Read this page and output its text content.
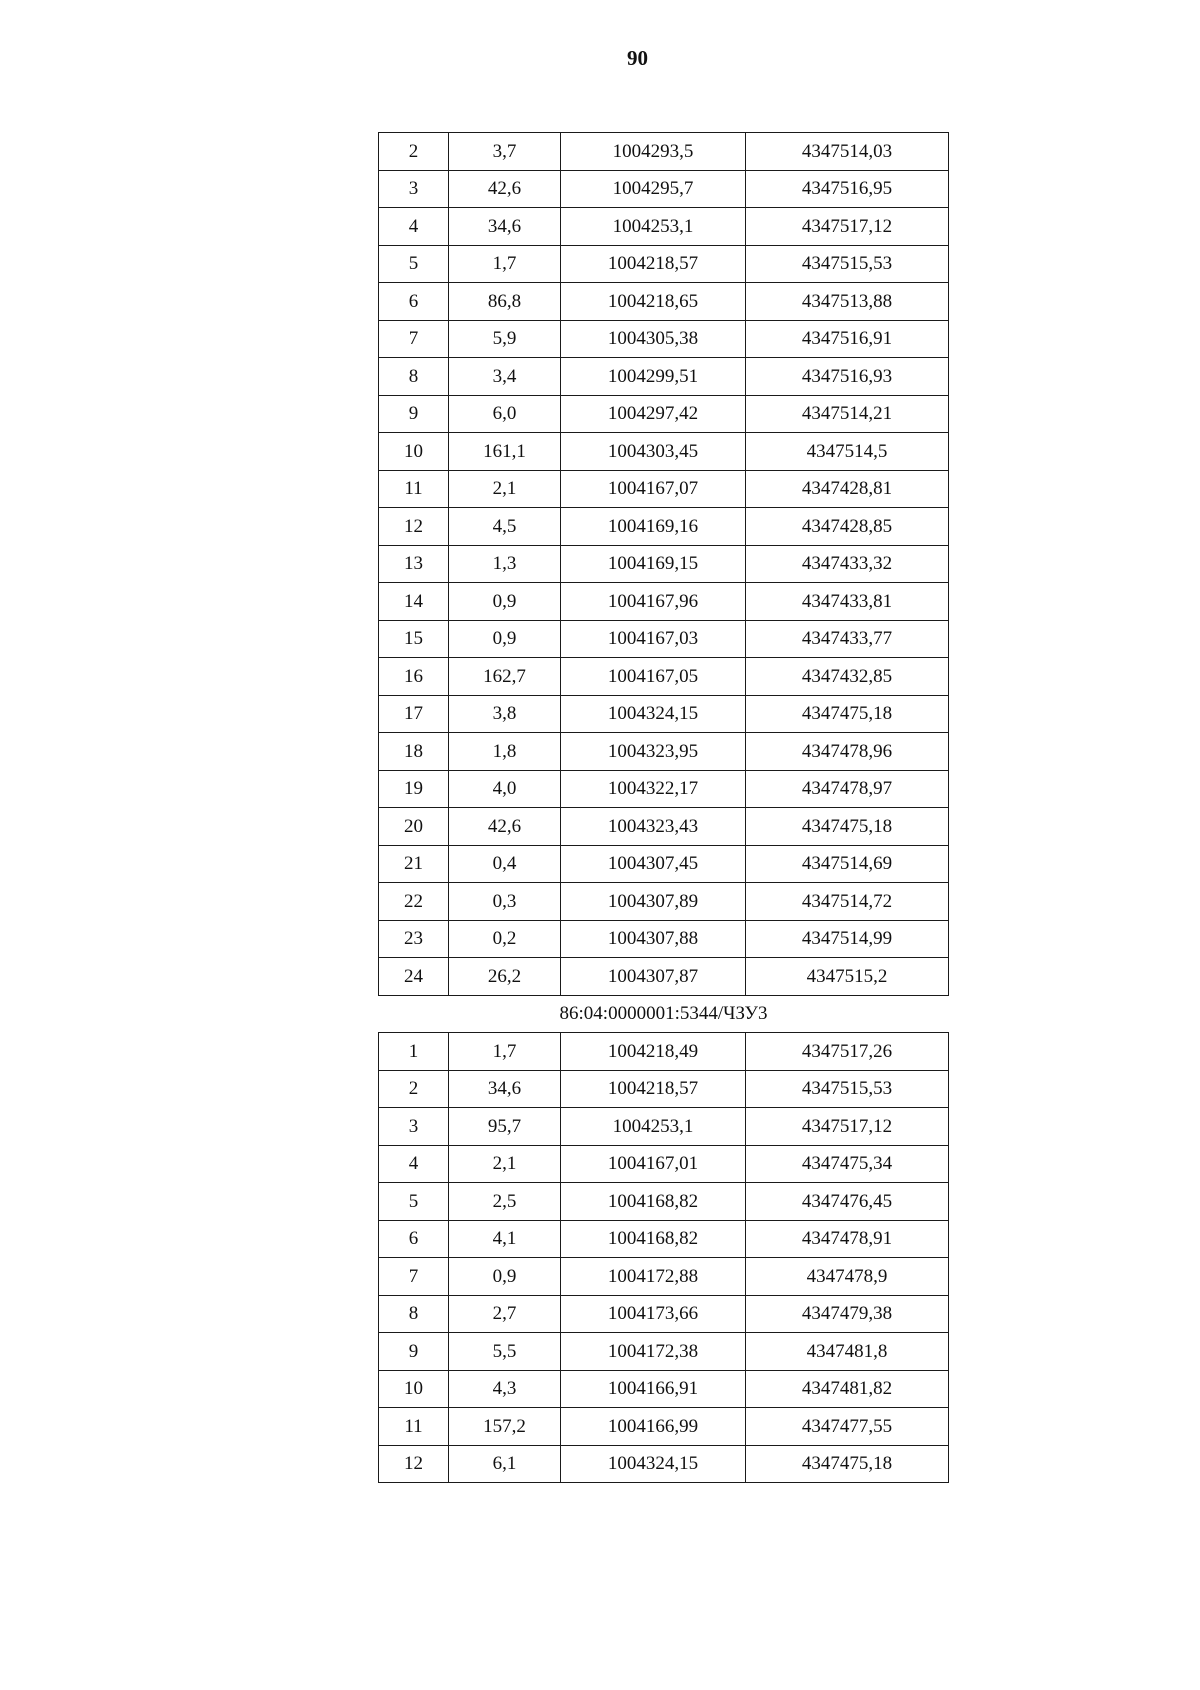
90
2	3,7	1004293,5	4347514,03
3	42,6	1004295,7	4347516,95
4	34,6	1004253,1	4347517,12
5	1,7	1004218,57	4347515,53
6	86,8	1004218,65	4347513,88
7	5,9	1004305,38	4347516,91
8	3,4	1004299,51	4347516,93
9	6,0	1004297,42	4347514,21
10	161,1	1004303,45	4347514,5
11	2,1	1004167,07	4347428,81
12	4,5	1004169,16	4347428,85
13	1,3	1004169,15	4347433,32
14	0,9	1004167,96	4347433,81
15	0,9	1004167,03	4347433,77
16	162,7	1004167,05	4347432,85
17	3,8	1004324,15	4347475,18
18	1,8	1004323,95	4347478,96
19	4,0	1004322,17	4347478,97
20	42,6	1004323,43	4347475,18
21	0,4	1004307,45	4347514,69
22	0,3	1004307,89	4347514,72
23	0,2	1004307,88	4347514,99
24	26,2	1004307,87	4347515,2
86:04:0000001:5344/ЧЗУ3			
1	1,7	1004218,49	4347517,26
2	34,6	1004218,57	4347515,53
3	95,7	1004253,1	4347517,12
4	2,1	1004167,01	4347475,34
5	2,5	1004168,82	4347476,45
6	4,1	1004168,82	4347478,91
7	0,9	1004172,88	4347478,9
8	2,7	1004173,66	4347479,38
9	5,5	1004172,38	4347481,8
10	4,3	1004166,91	4347481,82
11	157,2	1004166,99	4347477,55
12	6,1	1004324,15	4347475,18
